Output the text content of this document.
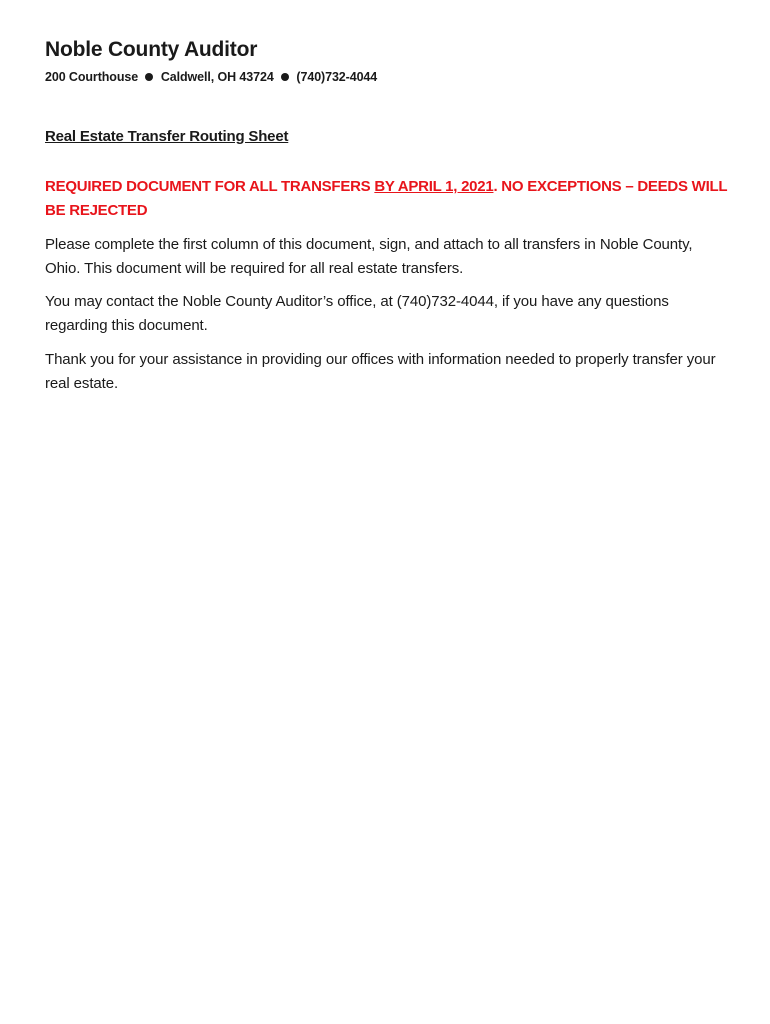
Noble County Auditor
200 Courthouse Caldwell, OH 43724 (740)732-4044
Real Estate Transfer Routing Sheet
REQUIRED DOCUMENT FOR ALL TRANSFERS BY APRIL 1, 2021. NO EXCEPTIONS – DEEDS WILL BE REJECTED
Please complete the first column of this document, sign, and attach to all transfers in Noble County, Ohio. This document will be required for all real estate transfers.
You may contact the Noble County Auditor’s office, at (740)732-4044, if you have any questions regarding this document.
Thank you for your assistance in providing our offices with information needed to properly transfer your real estate.
